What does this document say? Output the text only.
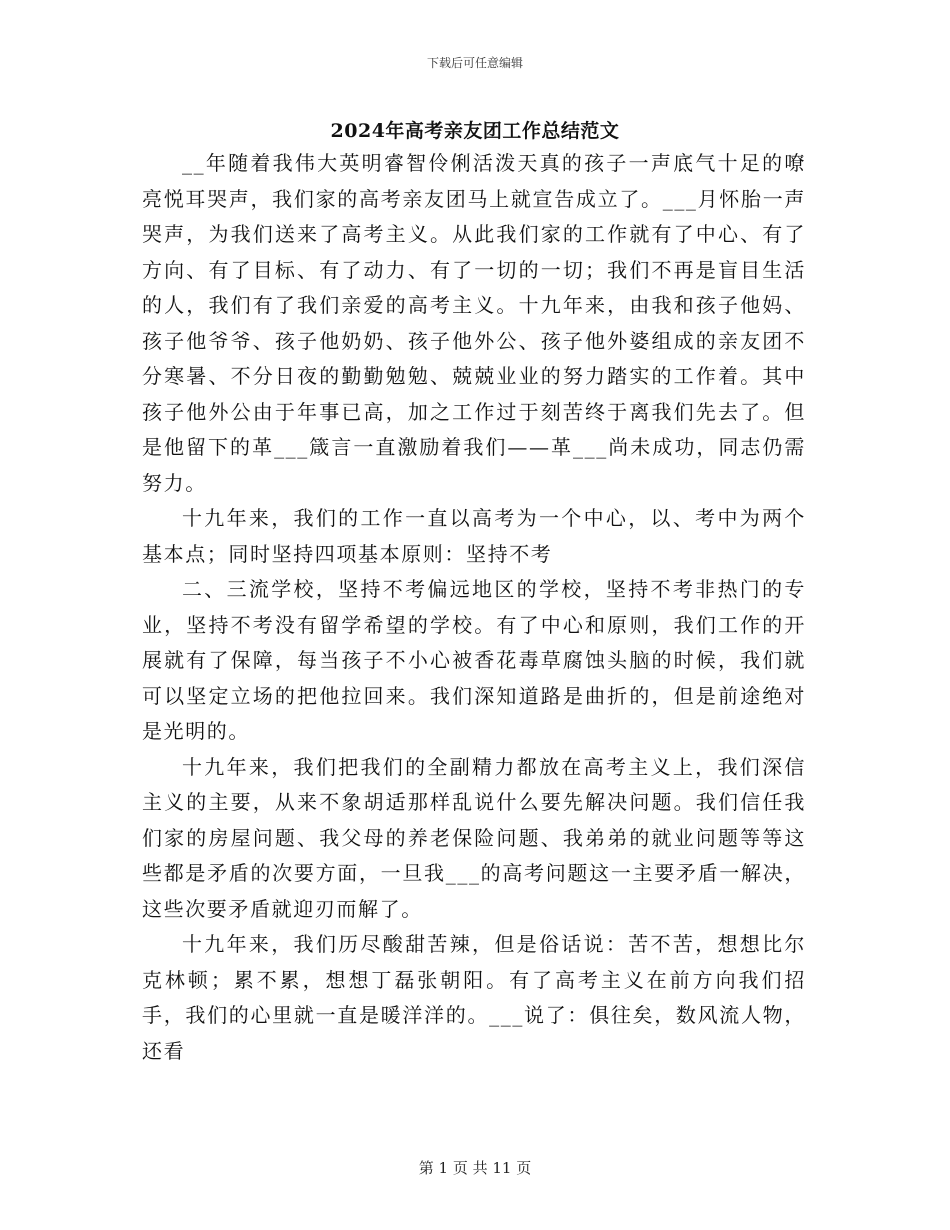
下载后可任意编辑
2024年高考亲友团工作总结范文

__年随着我伟大英明睿智伶俐活泼天真的孩子一声底气十足的嘹亮悦耳哭声，我们家的高考亲友团马上就宣告成立了。___月怀胎一声哭声，为我们送来了高考主义。从此我们家的工作就有了中心、有了方向、有了目标、有了动力、有了一切的一切；我们不再是盲目生活的人，我们有了我们亲爱的高考主义。十九年来，由我和孩子他妈、孩子他爷爷、孩子他奶奶、孩子他外公、孩子他外婆组成的亲友团不分寒暑、不分日夜的勤勤勉勉、兢兢业业的努力踏实的工作着。其中孩子他外公由于年事已高，加之工作过于刻苦终于离我们先去了。但是他留下的革___箴言一直激励着我们——革___尚未成功，同志仍需努力。

十九年来，我们的工作一直以高考为一个中心，以、考中为两个基本点；同时坚持四项基本原则：坚持不考

二、三流学校，坚持不考偏远地区的学校，坚持不考非热门的专业，坚持不考没有留学希望的学校。有了中心和原则，我们工作的开展就有了保障，每当孩子不小心被香花毒草腐蚀头脑的时候，我们就可以坚定立场的把他拉回来。我们深知道路是曲折的，但是前途绝对是光明的。

十九年来，我们把我们的全副精力都放在高考主义上，我们深信主义的主要，从来不象胡适那样乱说什么要先解决问题。我们信任我们家的房屋问题、我父母的养老保险问题、我弟弟的就业问题等等这些都是矛盾的次要方面，一旦我___的高考问题这一主要矛盾一解决，这些次要矛盾就迎刃而解了。

十九年来，我们历尽酸甜苦辣，但是俗话说：苦不苦，想想比尔克林顿；累不累，想想丁磊张朝阳。有了高考主义在前方向我们招手，我们的心里就一直是暖洋洋的。___说了：俱往矣，数风流人物，还看

第 1 页 共 11 页
